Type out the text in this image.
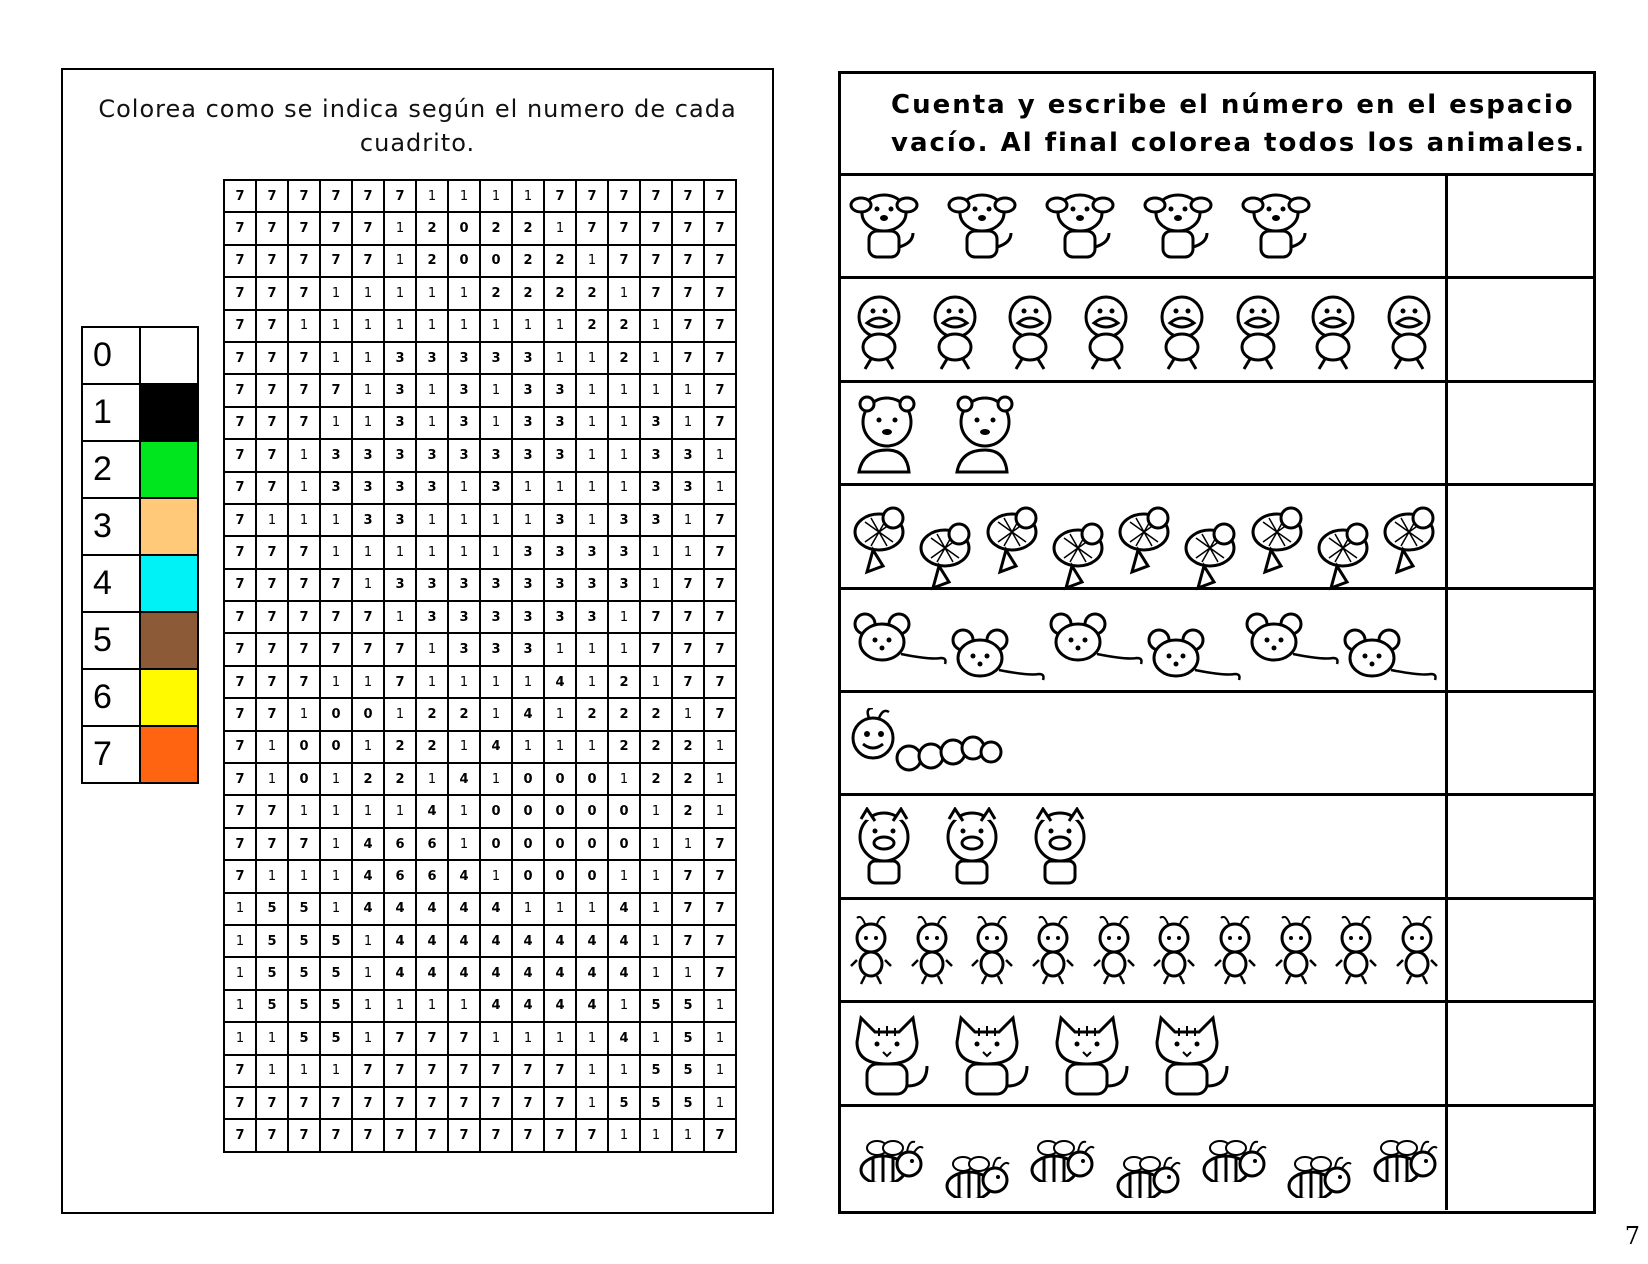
Colorea como se indica según el numero de cada cuadrito.
0	
1	
2	
3	
4	
5	
6	
7	
7	7	7	7	7	7	1	1	1	1	7	7	7	7	7	7
7	7	7	7	7	1	2	0	2	2	1	7	7	7	7	7
7	7	7	7	7	1	2	0	0	2	2	1	7	7	7	7
7	7	7	1	1	1	1	1	2	2	2	2	1	7	7	7
7	7	1	1	1	1	1	1	1	1	1	2	2	1	7	7
7	7	7	1	1	3	3	3	3	3	1	1	2	1	7	7
7	7	7	7	1	3	1	3	1	3	3	1	1	1	1	7
7	7	7	1	1	3	1	3	1	3	3	1	1	3	1	7
7	7	1	3	3	3	3	3	3	3	3	1	1	3	3	1
7	7	1	3	3	3	3	1	3	1	1	1	1	3	3	1
7	1	1	1	3	3	1	1	1	1	3	1	3	3	1	7
7	7	7	1	1	1	1	1	1	3	3	3	3	1	1	7
7	7	7	7	1	3	3	3	3	3	3	3	3	1	7	7
7	7	7	7	7	1	3	3	3	3	3	3	1	7	7	7
7	7	7	7	7	7	1	3	3	3	1	1	1	7	7	7
7	7	7	1	1	7	1	1	1	1	4	1	2	1	7	7
7	7	1	0	0	1	2	2	1	4	1	2	2	2	1	7
7	1	0	0	1	2	2	1	4	1	1	1	2	2	2	1
7	1	0	1	2	2	1	4	1	0	0	0	1	2	2	1
7	7	1	1	1	1	4	1	0	0	0	0	0	1	2	1
7	7	7	1	4	6	6	1	0	0	0	0	0	1	1	7
7	1	1	1	4	6	6	4	1	0	0	0	1	1	7	7
1	5	5	1	4	4	4	4	4	1	1	1	4	1	7	7
1	5	5	5	1	4	4	4	4	4	4	4	4	1	7	7
1	5	5	5	1	4	4	4	4	4	4	4	4	1	1	7
1	5	5	5	1	1	1	1	4	4	4	4	1	5	5	1
1	1	5	5	1	7	7	7	1	1	1	1	4	1	5	1
7	1	1	1	7	7	7	7	7	7	7	1	1	5	5	1
7	7	7	7	7	7	7	7	7	7	7	1	5	5	5	1
7	7	7	7	7	7	7	7	7	7	7	7	1	1	1	7
Cuenta y escribe el número en el espacio
vacío. Al final colorea todos los animales.
7
